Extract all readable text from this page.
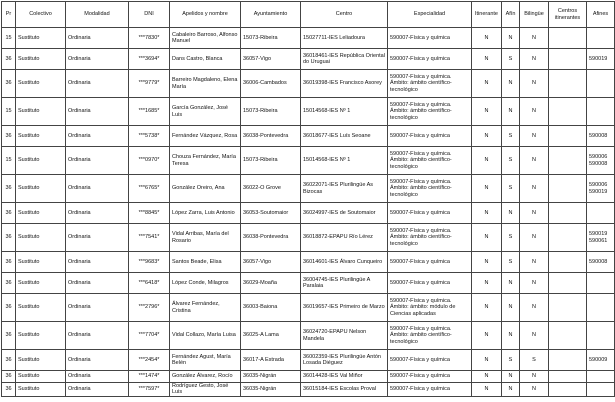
Pr	Colectivo	Modalidad	DNI	Apelidos y nombre	Ayuntamiento	Centro	Especialidad	Itinerante	Afín	Bilingüe	Centros itinerantes	Afines
15	Sustituto	Ordinaria	***7830*	Cabaleiro Barroso, Alfonso Manuel	15073-Ribeira	15027711-IES Leliadoura	590007-Física y química	N	N	N		
36	Sustituto	Ordinaria	***3694*	Dans Castro, Blanca	36057-Vigo	36018461-IES República Oriental do Uruguai	590007-Física y química	N	S	N		590019
36	Sustituto	Ordinaria	***9779*	Barreiro Magdaleno, Elena María	36006-Cambados	36019398-IES Francisco Asorey	590007-Física y química. Ámbito: ámbito científico-tecnológico	N	N	N		
15	Sustituto	Ordinaria	***1685*	García González, José Luis	15073-Ribeira	15014568-IES Nº 1	590007-Física y química. Ámbito: ámbito científico-tecnológico	N	N	N		
36	Sustituto	Ordinaria	***5738*	Fernández Vázquez, Rosa	36038-Pontevedra	36018677-IES Luís Seoane	590007-Física y química	N	S	N		590008
15	Sustituto	Ordinaria	***0970*	Chouza Fernández, María Teresa	15073-Ribeira	15014568-IES Nº 1	590007-Física y química. Ámbito: ámbito científico-tecnológico	N	S	N		590006 590008
36	Sustituto	Ordinaria	***6765*	González Oreiro, Ana	36022-O Grove	36022071-IES Plurilingüe As Bizocas	590007-Física y química. Ámbito: ámbito científico-tecnológico	N	S	N		590006 590019
36	Sustituto	Ordinaria	***8845*	López Zarra, Luis Antonio	36053-Soutomaior	36024997-IES de Soutomaior	590007-Física y química	N	N	N		
36	Sustituto	Ordinaria	***7541*	Vidal Arribas, María del Rosario	36038-Pontevedra	36018872-EPAPU Río Lérez	590007-Física y química. Ámbito: ámbito científico-tecnológico	N	S	N		590019 590061
36	Sustituto	Ordinaria	***9683*	Santos Beade, Elisa	36057-Vigo	36014601-IES Álvaro Cunqueiro	590007-Física y química	N	S	N		590008
36	Sustituto	Ordinaria	***6418*	López Conde, Milagros	36029-Moaña	36004745-IES Plurilingüe A Paralaia	590007-Física y química	N	N	N		
36	Sustituto	Ordinaria	***2796*	Álvarez Fernández, Cristina	36003-Baiona	36019657-IES Primeiro de Marzo	590007-Física y química. Ámbito: ámbito: módulo de Ciencias aplicadas	N	N	N		
36	Sustituto	Ordinaria	***7704*	Vidal Collazo, María Luisa	36025-A Lama	36024720-EPAPU Nelson Mandela	590007-Física y química. Ámbito: ámbito científico-tecnológico	N	N	N		
36	Sustituto	Ordinaria	***2454*	Fernández Agust, María Belén	36017-A Estrada	36002359-IES Plurilingüe Antón Losada Diéguez	590007-Física y química	N	S	S		590009
36	Sustituto	Ordinaria	***1474*	González Álvarez, Rocío	36035-Nigrán	36014428-IES Val Miñor	590007-Física y química	N	N	N		
36	Sustituto	Ordinaria	***7597*	Rodríguez Gesto, José Luis	36035-Nigrán	36015184-IES Escolas Proval	590007-Física y química	N	N	N		
